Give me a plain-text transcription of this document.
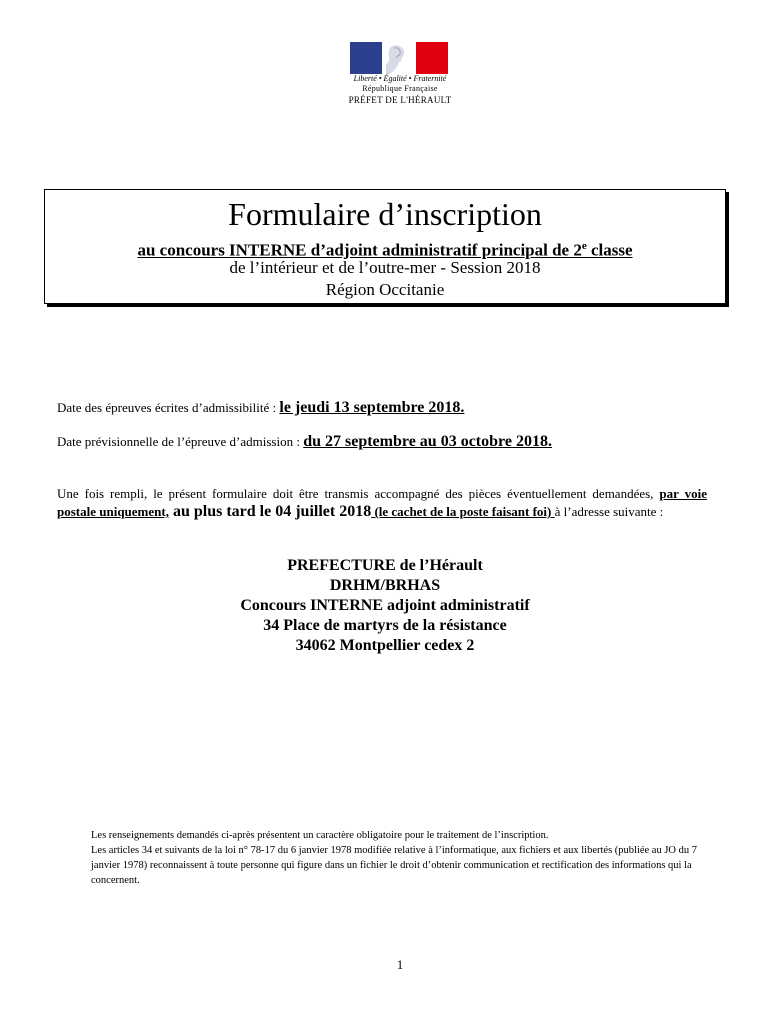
Liberté • Égalité • Fraternité
République Française
PRÉFET DE L'HÉRAULT
Formulaire d’inscription
au concours INTERNE d’adjoint administratif principal de 2e classe
de l’intérieur et de l’outre-mer - Session 2018
Région Occitanie
Date des épreuves écrites d’admissibilité : le jeudi 13 septembre 2018.
Date prévisionnelle de l’épreuve d’admission : du 27 septembre au 03 octobre 2018.
Une fois rempli, le présent formulaire doit être transmis accompagné des pièces éventuellement demandées, par voie postale uniquement, au plus tard le 04 juillet 2018 (le cachet de la poste faisant foi) à l’adresse suivante :
PREFECTURE de l’Hérault
DRHM/BRHAS
Concours INTERNE adjoint administratif
34 Place de martyrs de la résistance
34062 Montpellier cedex 2
Les renseignements demandés ci-après présentent un caractère obligatoire pour le traitement de l’inscription.
Les articles 34 et suivants de la loi n° 78-17 du 6 janvier 1978 modifiée relative à l’informatique, aux fichiers et aux libertés (publiée au JO du 7 janvier 1978) reconnaissent à toute personne qui figure dans un fichier le droit d’obtenir communication et rectification des informations qui la concernent.
1
